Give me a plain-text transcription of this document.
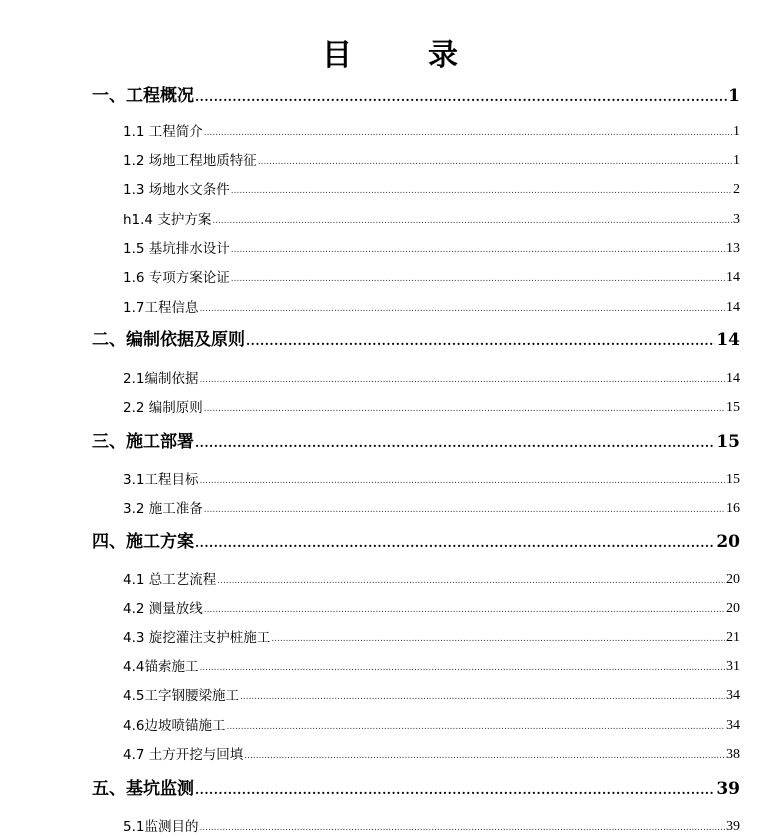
目	录
一、工程概况 .....	1
1.1 工程简介 .....	1
1.2 场地工程地质特征 .....	1
1.3 场地水文条件 .....	2
h1.4 支护方案 .....	3
1.5 基坑排水设计 .....	13
1.6 专项方案论证 .....	14
1.7工程信息 .....	14
二、编制依据及原则 .....	14
2.1编制依据 .....	14
2.2 编制原则 .....	15
三、施工部署 .....	15
3.1工程目标 .....	15
3.2 施工准备 .....	16
四、施工方案 .....	20
4.1 总工艺流程 .....	20
4.2 测量放线 .....	20
4.3 旋挖灌注支护桩施工 .....	21
4.4锚索施工 .....	31
4.5工字钢腰梁施工 .....	34
4.6边坡喷锚施工 .....	34
4.7 土方开挖与回填 .....	38
五、基坑监测 .....	39
5.1监测目的 .....	39
